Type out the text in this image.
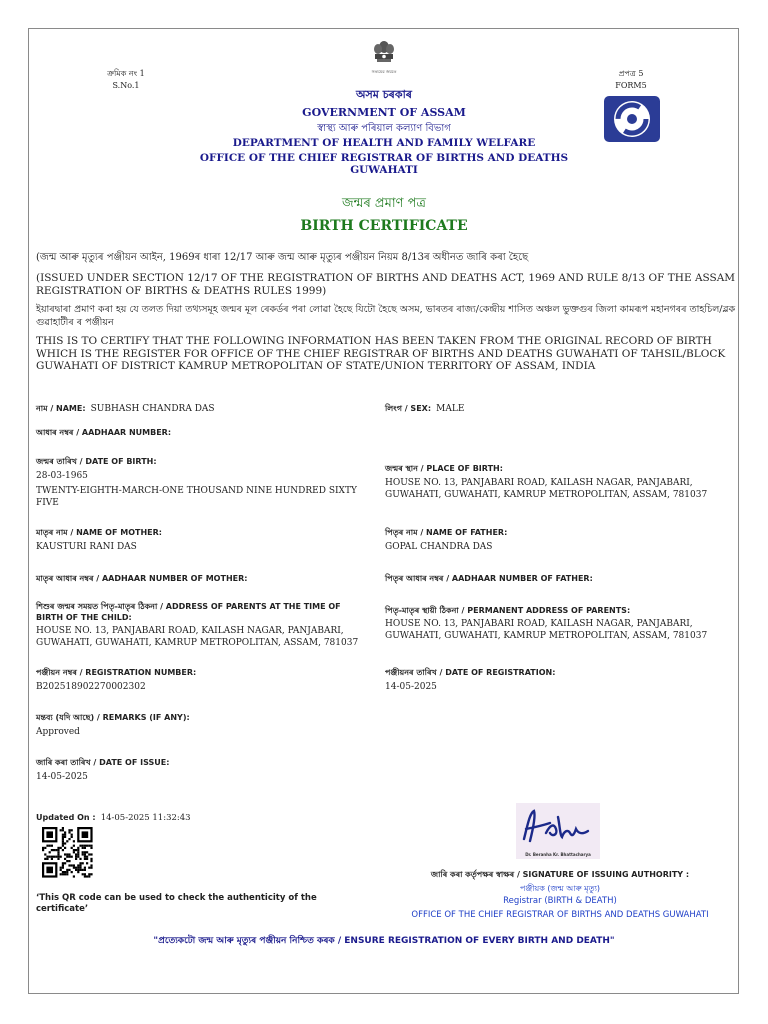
ক্ৰমিক নং 1
S.No.1
প্ৰপত্ৰ 5
FORM5
সত্যমেৱ জয়তে
অসম চৰকাৰ
GOVERNMENT OF ASSAM
স্বাস্থ্য আৰু পৰিয়াল কল্যাণ বিভাগ
DEPARTMENT OF HEALTH AND FAMILY WELFARE
OFFICE OF THE CHIEF REGISTRAR OF BIRTHS AND DEATHS
GUWAHATI
জন্মৰ প্ৰমাণ পত্ৰ
BIRTH CERTIFICATE
(জন্ম আৰু মৃত্যুৰ পঞ্জীয়ন আইন, 1969ৰ ধাৰা 12/17 আৰু জন্ম আৰু মৃত্যুৰ পঞ্জীয়ন নিয়ম 8/13ৰ অধীনত জাৰি কৰা হৈছে
(ISSUED UNDER SECTION 12/17 OF THE REGISTRATION OF BIRTHS AND DEATHS ACT, 1969 AND RULE 8/13 OF THE ASSAM REGISTRATION OF BIRTHS & DEATHS RULES 1999)
ইয়াৰদ্বাৰা প্ৰমাণ কৰা হয় যে তলত দিয়া তথ্যসমূহ জন্মৰ মূল ৰেকৰ্ডৰ পৰা লোৱা হৈছে যিটো হৈছে অসম, ভাৰতৰ ৰাজ্য/কেন্দ্ৰীয় শাসিত অঞ্চল ভুক্তগুৰ জিলা কামৰূপ মহানগৰৰ তাহচিল/ব্লক গুৱাহাটীৰ ৰ পঞ্জীয়ন
THIS IS TO CERTIFY THAT THE FOLLOWING INFORMATION HAS BEEN TAKEN FROM THE ORIGINAL RECORD OF BIRTH WHICH IS THE REGISTER FOR OFFICE OF THE CHIEF REGISTRAR OF BIRTHS AND DEATHS GUWAHATI OF TAHSIL/BLOCK GUWAHATI OF DISTRICT KAMRUP METROPOLITAN OF STATE/UNION TERRITORY OF ASSAM, INDIA
নাম / NAME: SUBHASH CHANDRA DAS	লিংগ / SEX: MALE
আধাৰ নম্বৰ / AADHAAR NUMBER:
জন্মৰ তাৰিখ / DATE OF BIRTH:
28-03-1965
TWENTY-EIGHTH-MARCH-ONE THOUSAND NINE HUNDRED SIXTY FIVE
জন্মৰ স্থান / PLACE OF BIRTH:
HOUSE NO. 13, PANJABARI ROAD, KAILASH NAGAR, PANJABARI, GUWAHATI, GUWAHATI, KAMRUP METROPOLITAN, ASSAM, 781037
মাতৃৰ নাম / NAME OF MOTHER:
KAUSTURI RANI DAS
পিতৃৰ নাম / NAME OF FATHER:
GOPAL CHANDRA DAS
মাতৃৰ আধাৰ নম্বৰ / AADHAAR NUMBER OF MOTHER:	পিতৃৰ আধাৰ নম্বৰ / AADHAAR NUMBER OF FATHER:
শিশুৰ জন্মৰ সময়ত পিতৃ-মাতৃৰ ঠিকনা / ADDRESS OF PARENTS AT THE TIME OF BIRTH OF THE CHILD:
HOUSE NO. 13, PANJABARI ROAD, KAILASH NAGAR, PANJABARI, GUWAHATI, GUWAHATI, KAMRUP METROPOLITAN, ASSAM, 781037
পিতৃ-মাতৃৰ স্থায়ী ঠিকনা / PERMANENT ADDRESS OF PARENTS:
HOUSE NO. 13, PANJABARI ROAD, KAILASH NAGAR, PANJABARI, GUWAHATI, GUWAHATI, KAMRUP METROPOLITAN, ASSAM, 781037
পঞ্জীয়ন নম্বৰ / REGISTRATION NUMBER:
B202518902270002302
পঞ্জীয়নৰ তাৰিখ / DATE OF REGISTRATION:
14-05-2025
মন্তব্য (যদি আছে) / REMARKS (IF ANY):
Approved
জাৰি কৰা তাৰিখ / DATE OF ISSUE:
14-05-2025
Updated On : 14-05-2025 11:32:43
‘This QR code can be used to check the authenticity of the certificate’
Dr. Beranha Kr. Bhattacharya
জাৰি কৰা কৰ্তৃপক্ষৰ স্বাক্ষৰ / SIGNATURE OF ISSUING AUTHORITY :
পঞ্জীয়ক (জন্ম আৰু মৃত্যু)
Registrar (BIRTH & DEATH)
OFFICE OF THE CHIEF REGISTRAR OF BIRTHS AND DEATHS GUWAHATI
"প্ৰত্যেকটো জন্ম আৰু মৃত্যুৰ পঞ্জীয়ন নিশ্চিত কৰক / ENSURE REGISTRATION OF EVERY BIRTH AND DEATH"
